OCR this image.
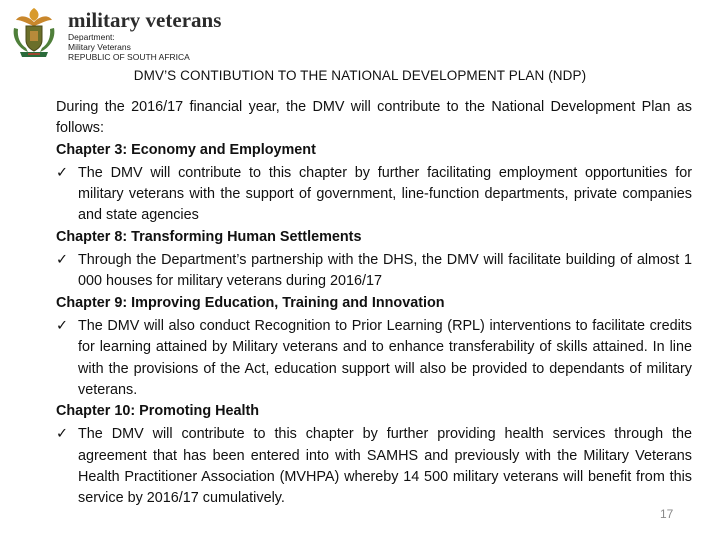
military veterans
Department:
Military Veterans
REPUBLIC OF SOUTH AFRICA
DMV’S CONTIBUTION TO THE NATIONAL DEVELOPMENT PLAN (NDP)

During the 2016/17 financial year, the DMV will contribute to the National Development Plan as follows:

Chapter 3: Economy and Employment

✓ The DMV will contribute to this chapter by further facilitating employment opportunities for military veterans with the support of government, line-function departments, private companies and state agencies

Chapter 8: Transforming Human Settlements

✓ Through the Department’s partnership with the DHS, the DMV will facilitate building of almost 1 000 houses for military veterans during 2016/17

Chapter 9: Improving Education, Training and Innovation

✓ The DMV will also conduct Recognition to Prior Learning (RPL) interventions to facilitate credits for learning attained by Military veterans and to enhance transferability of skills attained. In line with the provisions of the Act, education support will also be provided to dependants of military veterans.

Chapter 10: Promoting Health

✓ The DMV will contribute to this chapter by further providing health services through the agreement that has been entered into with SAMHS and previously with the Military Veterans Health Practitioner Association (MVHPA) whereby 14 500 military veterans will benefit from this service by 2016/17 cumulatively.
17
